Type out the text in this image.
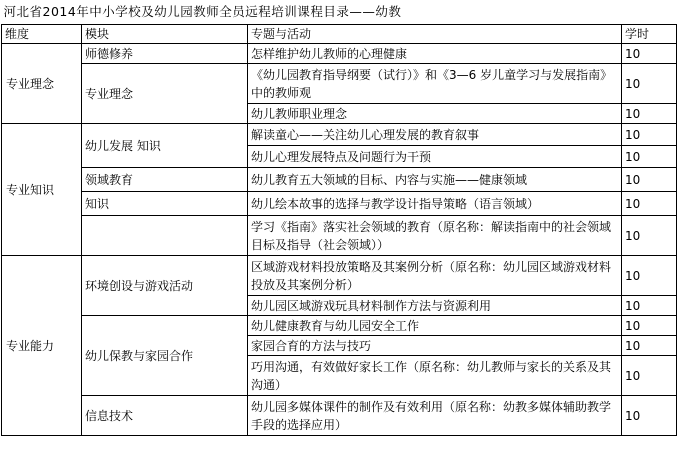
河北省2014年中小学校及幼儿园教师全员远程培训课程目录——幼教			
维度	模块	专题与活动	学时
专业理念	师德修养	怎样维护幼儿教师的心理健康	10
	专业理念	《幼儿园教育指导纲要（试行）》和《3—6 岁儿童学习与发展指南》中的教师观	10
		幼儿教师职业理念	10
专业知识	幼儿发展 知识	解读童心——关注幼儿心理发展的教育叙事	10
		幼儿心理发展特点及问题行为干预	10
	领域教育	幼儿教育五大领域的目标、内容与实施——健康领域	10
	知识	幼儿绘本故事的选择与教学设计指导策略（语言领域）	10
		学习《指南》落实社会领域的教育（原名称：解读指南中的社会领域目标及指导（社会领域））	10
专业能力	环境创设与游戏活动	区域游戏材料投放策略及其案例分析（原名称：幼儿园区域游戏材料投放及其案例分析）	10
		幼儿园区域游戏玩具材料制作方法与资源利用	10
	幼儿保教与家园合作	幼儿健康教育与幼儿园安全工作	10
		家园合育的方法与技巧	10
		巧用沟通，有效做好家长工作（原名称：幼儿教师与家长的关系及其沟通）	10
	信息技术	幼儿园多媒体课件的制作及有效利用（原名称：幼教多媒体辅助教学手段的选择应用）	10
